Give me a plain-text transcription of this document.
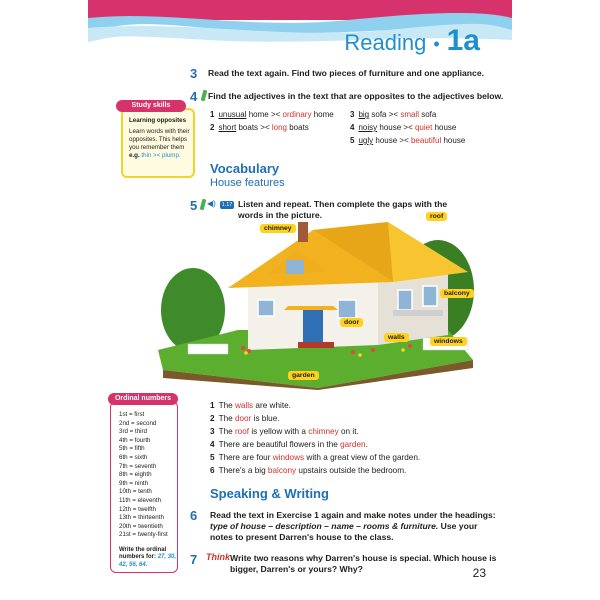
Reading • 1a
3 Read the text again. Find two pieces of furniture and one appliance.
4 Find the adjectives in the text that are opposites to the adjectives below.
1 unusual home >< ordinary home
2 short boats >< long boats
3 big sofa >< small sofa
4 noisy house >< quiet house
5 ugly house >< beautiful house
Learning opposites
Learn words with their opposites. This helps you remember them e.g. thin >< plump.
Study skills
Vocabulary
House features
5 ◀) 1.17 Listen and repeat. Then complete the gaps with the words in the picture.
chimney
roof
balcony
door
walls
windows
garden
1 The walls are white.
2 The door is blue.
3 The roof is yellow with a chimney on it.
4 There are beautiful flowers in the garden.
5 There are four windows with a great view of the garden.
6 There's a big balcony upstairs outside the bedroom.
Speaking & Writing
6 Read the text in Exercise 1 again and make notes under the headings: type of house – description – name – rooms & furniture. Use your notes to present Darren's house to the class.
7 Think Write two reasons why Darren's house is special. Which house is bigger, Darren's or yours? Why?
1st = first
2nd = second
3rd = third
4th = fourth
5th = fifth
6th = sixth
7th = seventh
8th = eighth
9th = ninth
10th = tenth
11th = eleventh
12th = twelfth
13th = thirteenth
20th = twentieth
21st = twenty-first
Write the ordinal numbers for: 27, 30, 42, 56, 64.
Ordinal numbers
23
